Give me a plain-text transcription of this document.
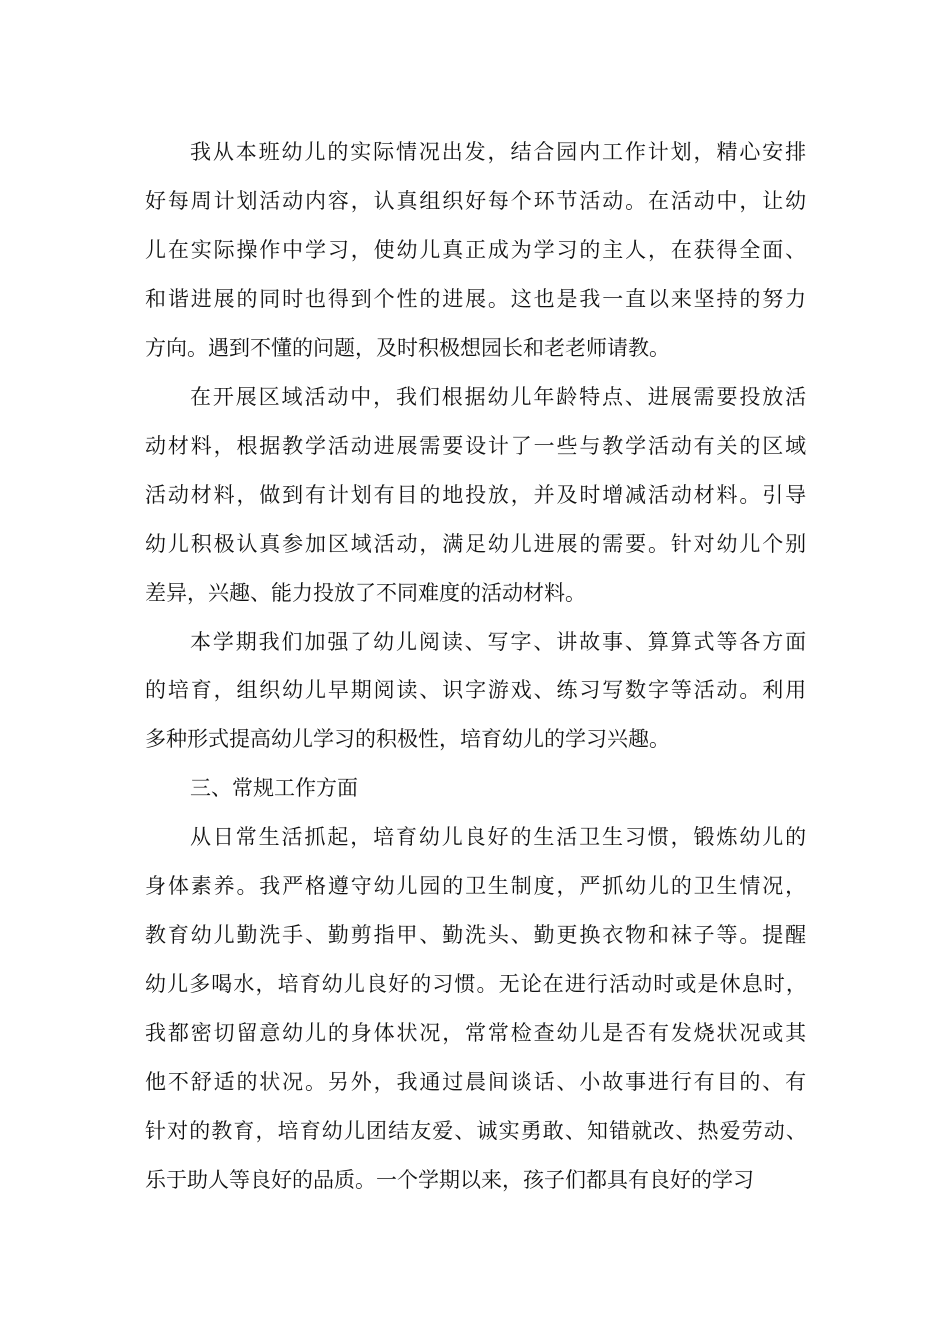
我从本班幼儿的实际情况出发，结合园内工作计划，精心安排
好每周计划活动内容，认真组织好每个环节活动。在活动中，让幼
儿在实际操作中学习，使幼儿真正成为学习的主人，在获得全面、
和谐进展的同时也得到个性的进展。这也是我一直以来坚持的努力
方向。遇到不懂的问题，及时积极想园长和老老师请教。
在开展区域活动中，我们根据幼儿年龄特点、进展需要投放活
动材料，根据教学活动进展需要设计了一些与教学活动有关的区域
活动材料，做到有计划有目的地投放，并及时增减活动材料。引导
幼儿积极认真参加区域活动，满足幼儿进展的需要。针对幼儿个别
差异，兴趣、能力投放了不同难度的活动材料。
本学期我们加强了幼儿阅读、写字、讲故事、算算式等各方面
的培育，组织幼儿早期阅读、识字游戏、练习写数字等活动。利用
多种形式提高幼儿学习的积极性，培育幼儿的学习兴趣。
三、常规工作方面
从日常生活抓起，培育幼儿良好的生活卫生习惯，锻炼幼儿的
身体素养。我严格遵守幼儿园的卫生制度，严抓幼儿的卫生情况，
教育幼儿勤洗手、勤剪指甲、勤洗头、勤更换衣物和袜子等。提醒
幼儿多喝水，培育幼儿良好的习惯。无论在进行活动时或是休息时，
我都密切留意幼儿的身体状况，常常检查幼儿是否有发烧状况或其
他不舒适的状况。另外，我通过晨间谈话、小故事进行有目的、有
针对的教育，培育幼儿团结友爱、诚实勇敢、知错就改、热爱劳动、
乐于助人等良好的品质。一个学期以来，孩子们都具有良好的学习
